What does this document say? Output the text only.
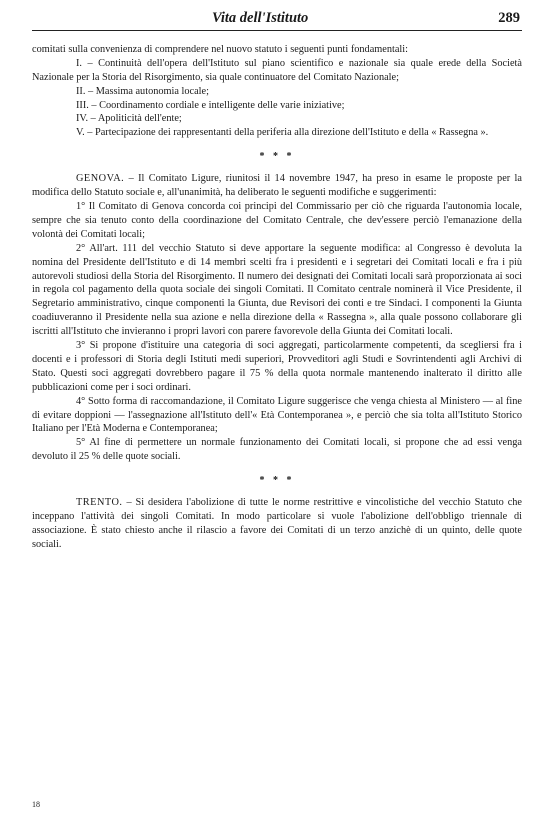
Vita dell'Istituto	289

comitati sulla convenienza di comprendere nel nuovo statuto i seguenti punti fondamentali:

I. – Continuità dell'opera dell'Istituto sul piano scientifico e nazionale sia quale erede della Società Nazionale per la Storia del Risorgimento, sia quale continuatore del Comitato Nazionale;

II. – Massima autonomia locale;

III. – Coordinamento cordiale e intelligente delle varie iniziative;

IV. – Apoliticità dell'ente;

V. – Partecipazione dei rappresentanti della periferia alla direzione dell'Istituto e della « Rassegna ».

* * *

GENOVA. – Il Comitato Ligure, riunitosi il 14 novembre 1947, ha preso in esame le proposte per la modifica dello Statuto sociale e, all'unanimità, ha deliberato le seguenti modifiche e suggerimenti:

1° Il Comitato di Genova concorda coi principi del Commissario per ciò che riguarda l'autonomia locale, sempre che sia tenuto conto della coordinazione del Comitato Centrale, che dev'essere perciò l'emanazione della volontà dei Comitati locali;

2° All'art. 111 del vecchio Statuto si deve apportare la seguente modifica: al Congresso è devoluta la nomina del Presidente dell'Istituto e di 14 membri scelti fra i presidenti e i segretari dei Comitati locali e fra i più autorevoli studiosi della Storia del Risorgimento. Il numero dei designati dei Comitati locali sarà proporzionata ai soci in regola col pagamento della quota sociale dei singoli Comitati. Il Comitato centrale nominerà il Vice Presidente, il Segretario amministrativo, cinque componenti la Giunta, due Revisori dei conti e tre Sindaci. I componenti la Giunta coadiuveranno il Presidente nella sua azione e nella direzione della « Rassegna », alla quale possono collaborare gli iscritti all'Istituto che invieranno i propri lavori con parere favorevole della Giunta dei Comitati locali.

3° Si propone d'istituire una categoria di soci aggregati, particolarmente competenti, da scegliersi fra i docenti e i professori di Storia degli Istituti medi superiori, Provveditori agli Studi e Sovrintendenti agli Archivi di Stato. Questi soci aggregati dovrebbero pagare il 75 % della quota normale mantenendo inalterato il diritto alle pubblicazioni come per i soci ordinari.

4° Sotto forma di raccomandazione, il Comitato Ligure suggerisce che venga chiesta al Ministero — al fine di evitare doppioni — l'assegnazione all'Istituto dell'« Età Contemporanea », e perciò che sia tolta all'Istituto Storico Italiano per l'Età Moderna e Contemporanea;

5° Al fine di permettere un normale funzionamento dei Comitati locali, si propone che ad essi venga devoluto il 25 % delle quote sociali.

* * *

TRENTO. – Si desidera l'abolizione di tutte le norme restrittive e vincolistiche del vecchio Statuto che inceppano l'attività dei singoli Comitati. In modo particolare si vuole l'abolizione dell'obbligo triennale di associazione. È stato chiesto anche il rilascio a favore dei Comitati di un terzo anzichè di un quinto, delle quote sociali.

18
